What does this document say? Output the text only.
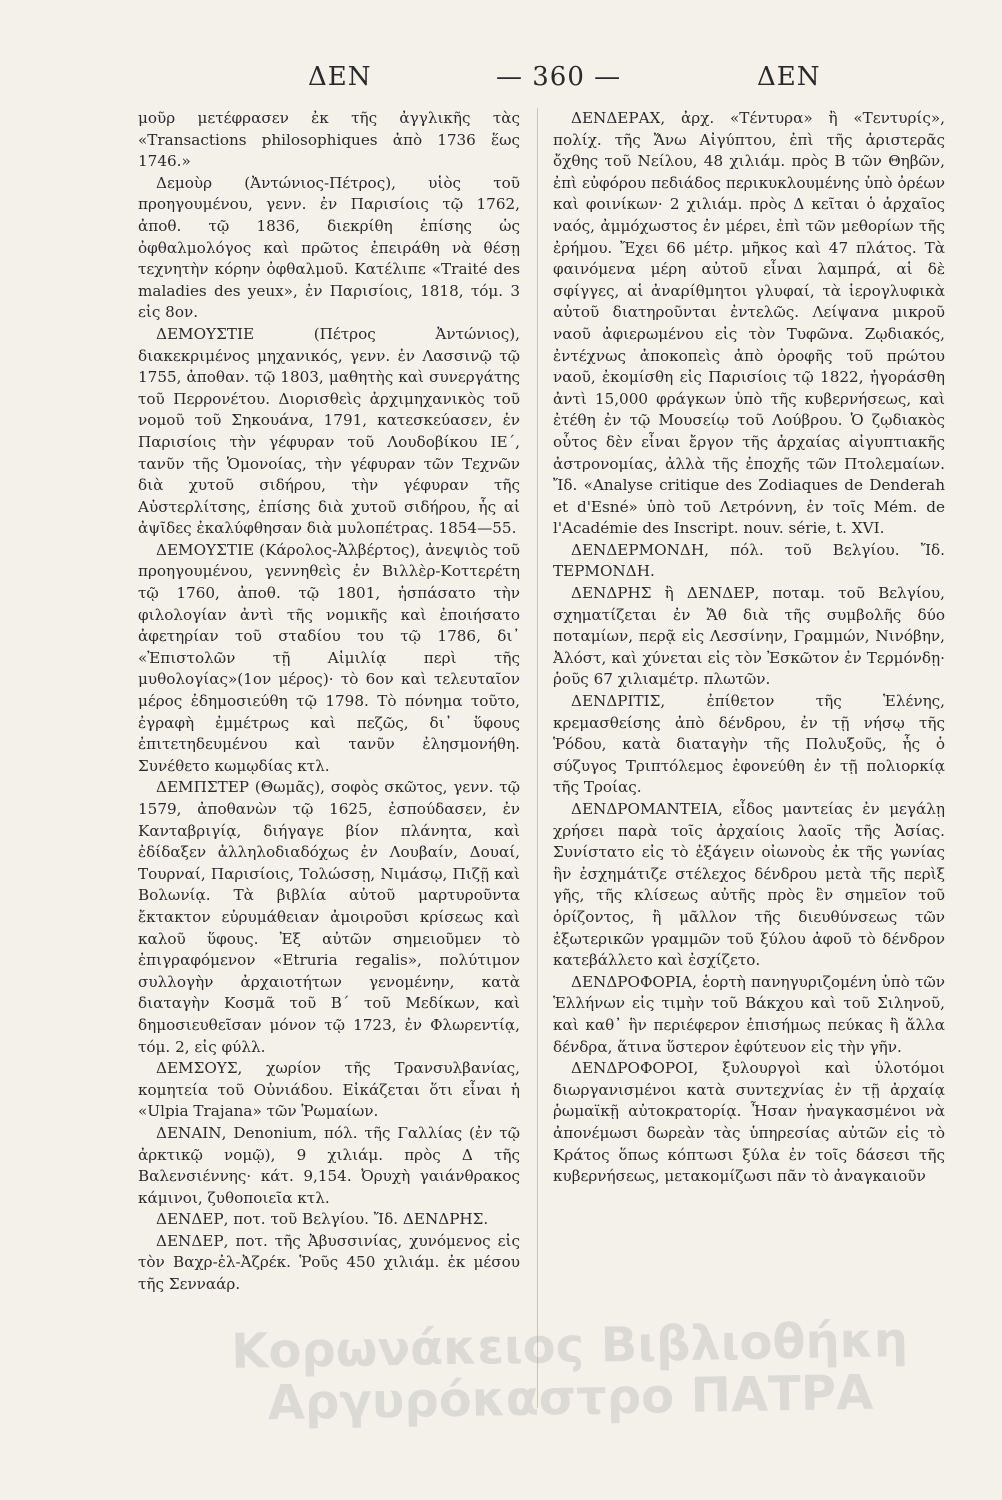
ΔΕΝ	— 360 —	ΔΕΝ

μοῦρ μετέφρασεν ἐκ τῆς ἀγγλικῆς τὰς «Transactions philosophiques ἀπὸ 1736 ἕως 1746.»

Δεμοὺρ (Ἀντώνιος-Πέτρος), υἱὸς τοῦ προηγουμένου, γενν. ἐν Παρισίοις τῷ 1762, ἀποθ. τῷ 1836, διεκρίθη ἐπίσης ὡς ὀφθαλμολόγος καὶ πρῶτος ἐπειράθη νὰ θέσῃ τεχνητὴν κόρην ὀφθαλμοῦ. Κατέλιπε «Traité des maladies des yeux», ἐν Παρισίοις, 1818, τόμ. 3 εἰς 8ον.

ΔΕΜΟΥΣΤΙΕ (Πέτρος Ἀντώνιος), διακεκριμένος μηχανικός, γενν. ἐν Λασσινῷ τῷ 1755, ἀποθαν. τῷ 1803, μαθητὴς καὶ συνεργάτης τοῦ Περρονέτου. Διορισθεὶς ἀρχιμηχανικὸς τοῦ νομοῦ τοῦ Σηκουάνα, 1791, κατεσκεύασεν, ἐν Παρισίοις τὴν γέφυραν τοῦ Λουδοβίκου ΙΕ΄, τανῦν τῆς Ὁμονοίας, τὴν γέφυραν τῶν Τεχνῶν διὰ χυτοῦ σιδήρου, τὴν γέφυραν τῆς Αὐστερλίτσης, ἐπίσης διὰ χυτοῦ σιδήρου, ἧς αἱ ἀψῖδες ἐκαλύφθησαν διὰ μυλοπέτρας. 1854—55.

ΔΕΜΟΥΣΤΙΕ (Κάρολος-Ἀλβέρτος), ἀνεψιὸς τοῦ προηγουμένου, γεννηθεὶς ἐν Βιλλὲρ-Κοττερέτη τῷ 1760, ἀποθ. τῷ 1801, ἠσπάσατο τὴν φιλολογίαν ἀντὶ τῆς νομικῆς καὶ ἐποιήσατο ἀφετηρίαν τοῦ σταδίου του τῷ 1786, δι᾽ «Ἐπιστολῶν τῇ Αἰμιλίᾳ περὶ τῆς μυθολογίας»(1ον μέρος)· τὸ 6ον καὶ τελευταῖον μέρος ἐδημοσιεύθη τῷ 1798. Τὸ πόνημα τοῦτο, ἐγραφὴ ἐμμέτρως καὶ πεζῶς, δι᾽ ὕφους ἐπιτετηδευμένου καὶ τανῦν ἐλησμονήθη. Συνέθετο κωμῳδίας κτλ.

ΔΕΜΠΣΤΕΡ (Θωμᾶς), σοφὸς σκῶτος, γενν. τῷ 1579, ἀποθανὼν τῷ 1625, ἐσπούδασεν, ἐν Κανταβριγίᾳ, διήγαγε βίον πλάνητα, καὶ ἐδίδαξεν ἀλληλοδιαδόχως ἐν Λουβαίν, Δουαί, Τουρναί, Παρισίοις, Τολώσσῃ, Νιμάσῳ, Πιζῇ καὶ Βολωνίᾳ. Τὰ βιβλία αὐτοῦ μαρτυροῦντα ἔκτακτον εὐρυμάθειαν ἀμοιροῦσι κρίσεως καὶ καλοῦ ὕφους. Ἐξ αὐτῶν σημειοῦμεν τὸ ἐπιγραφόμενον «Etruria regalis», πολύτιμον συλλογὴν ἀρχαιοτήτων γενομένην, κατὰ διαταγὴν Κοσμᾶ τοῦ Β΄ τοῦ Μεδίκων, καὶ δημοσιευθεῖσαν μόνον τῷ 1723, ἐν Φλωρεντίᾳ, τόμ. 2, εἰς φύλλ.

ΔΕΜΣΟΥΣ, χωρίον τῆς Τρανσυλβανίας, κομητεία τοῦ Οὐνιάδου. Εἰκάζεται ὅτι εἶναι ἡ «Ulpia Trajana» τῶν Ῥωμαίων.

ΔΕΝΑΙΝ, Denonium, πόλ. τῆς Γαλλίας (ἐν τῷ ἀρκτικῷ νομῷ), 9 χιλιάμ. πρὸς Δ τῆς Βαλενσιέννης· κάτ. 9,154. Ὀρυχὴ γαιάνθρακος κάμινοι, ζυθοποιεῖα κτλ.

ΔΕΝΔΕΡ, ποτ. τοῦ Βελγίου. Ἴδ. ΔΕΝΔΡΗΣ.

ΔΕΝΔΕΡ, ποτ. τῆς Ἀβυσσινίας, χυνόμενος εἰς τὸν Βαχρ-ἐλ-Ἀζρέκ. Ῥοῦς 450 χιλιάμ. ἐκ μέσου τῆς Σενναάρ.

ΔΕΝΔΕΡΑΧ, ἀρχ. «Τέντυρα» ἢ «Τεντυρίς», πολίχ. τῆς Ἄνω Αἰγύπτου, ἐπὶ τῆς ἀριστερᾶς ὄχθης τοῦ Νείλου, 48 χιλιάμ. πρὸς Β τῶν Θηβῶν, ἐπὶ εὐφόρου πεδιάδος περικυκλουμένης ὑπὸ ὀρέων καὶ φοινίκων· 2 χιλιάμ. πρὸς Δ κεῖται ὁ ἀρχαῖος ναός, ἀμμόχωστος ἐν μέρει, ἐπὶ τῶν μεθορίων τῆς ἐρήμου. Ἔχει 66 μέτρ. μῆκος καὶ 47 πλάτος. Τὰ φαινόμενα μέρη αὐτοῦ εἶναι λαμπρά, αἱ δὲ σφίγγες, αἱ ἀναρίθμητοι γλυφαί, τὰ ἱερογλυφικὰ αὐτοῦ διατηροῦνται ἐντελῶς. Λείψανα μικροῦ ναοῦ ἀφιερωμένου εἰς τὸν Τυφῶνα. Ζῳδιακός, ἐντέχνως ἀποκοπεὶς ἀπὸ ὀροφῆς τοῦ πρώτου ναοῦ, ἐκομίσθη εἰς Παρισίοις τῷ 1822, ἠγοράσθη ἀντὶ 15,000 φράγκων ὑπὸ τῆς κυβερνήσεως, καὶ ἐτέθη ἐν τῷ Μουσείῳ τοῦ Λούβρου. Ὁ ζῳδιακὸς οὗτος δὲν εἶναι ἔργον τῆς ἀρχαίας αἰγυπτιακῆς ἀστρονομίας, ἀλλὰ τῆς ἐποχῆς τῶν Πτολεμαίων. Ἴδ. «Analyse critique des Zodiaques de Denderah et d'Esné» ὑπὸ τοῦ Λετρόννη, ἐν τοῖς Mém. de l'Académie des Inscript. nouv. série, t. XVI.

ΔΕΝΔΕΡΜΟΝΔΗ, πόλ. τοῦ Βελγίου. Ἴδ. ΤΕΡΜΟΝΔΗ.

ΔΕΝΔΡΗΣ ἢ ΔΕΝΔΕΡ, ποταμ. τοῦ Βελγίου, σχηματίζεται ἐν Ἄθ διὰ τῆς συμβολῆς δύο ποταμίων, περᾷ εἰς Λεσσίνην, Γραμμών, Νινόβην, Ἀλόστ, καὶ χύνεται εἰς τὸν Ἐσκῶτον ἐν Τερμόνδῃ· ῥοῦς 67 χιλιαμέτρ. πλωτῶν.

ΔΕΝΔΡΙΤΙΣ, ἐπίθετον τῆς Ἑλένης, κρεμασθείσης ἀπὸ δένδρου, ἐν τῇ νήσῳ τῆς Ῥόδου, κατὰ διαταγὴν τῆς Πολυξοῦς, ἧς ὁ σύζυγος Τριπτόλεμος ἐφονεύθη ἐν τῇ πολιορκίᾳ τῆς Τροίας.

ΔΕΝΔΡΟΜΑΝΤΕΙΑ, εἶδος μαντείας ἐν μεγάλῃ χρήσει παρὰ τοῖς ἀρχαίοις λαοῖς τῆς Ἀσίας. Συνίστατο εἰς τὸ ἐξάγειν οἰωνοὺς ἐκ τῆς γωνίας ἣν ἐσχημάτιζε στέλεχος δένδρου μετὰ τῆς περὶξ γῆς, τῆς κλίσεως αὐτῆς πρὸς ἓν σημεῖον τοῦ ὁρίζοντος, ἢ μᾶλλον τῆς διευθύνσεως τῶν ἐξωτερικῶν γραμμῶν τοῦ ξύλου ἀφοῦ τὸ δένδρον κατεβάλλετο καὶ ἐσχίζετο.

ΔΕΝΔΡΟΦΟΡΙΑ, ἑορτὴ πανηγυριζομένη ὑπὸ τῶν Ἑλλήνων εἰς τιμὴν τοῦ Βάκχου καὶ τοῦ Σιληνοῦ, καὶ καθ᾽ ἣν περιέφερον ἐπισήμως πεύκας ἢ ἄλλα δένδρα, ἅτινα ὕστερον ἐφύτευον εἰς τὴν γῆν.

ΔΕΝΔΡΟΦΟΡΟΙ, ξυλουργοὶ καὶ ὑλοτόμοι διωργανισμένοι κατὰ συντεχνίας ἐν τῇ ἀρχαίᾳ ῥωμαϊκῇ αὐτοκρατορίᾳ. Ἦσαν ἠναγκασμένοι νὰ ἀπονέμωσι δωρεὰν τὰς ὑπηρεσίας αὐτῶν εἰς τὸ Κράτος ὅπως κόπτωσι ξύλα ἐν τοῖς δάσεσι τῆς κυβερνήσεως, μετακομίζωσι πᾶν τὸ ἀναγκαιοῦν

Κορωνάκειος Βιβλιοθήκη Αργυρόκαστρο ΠΑΤΡΑ
